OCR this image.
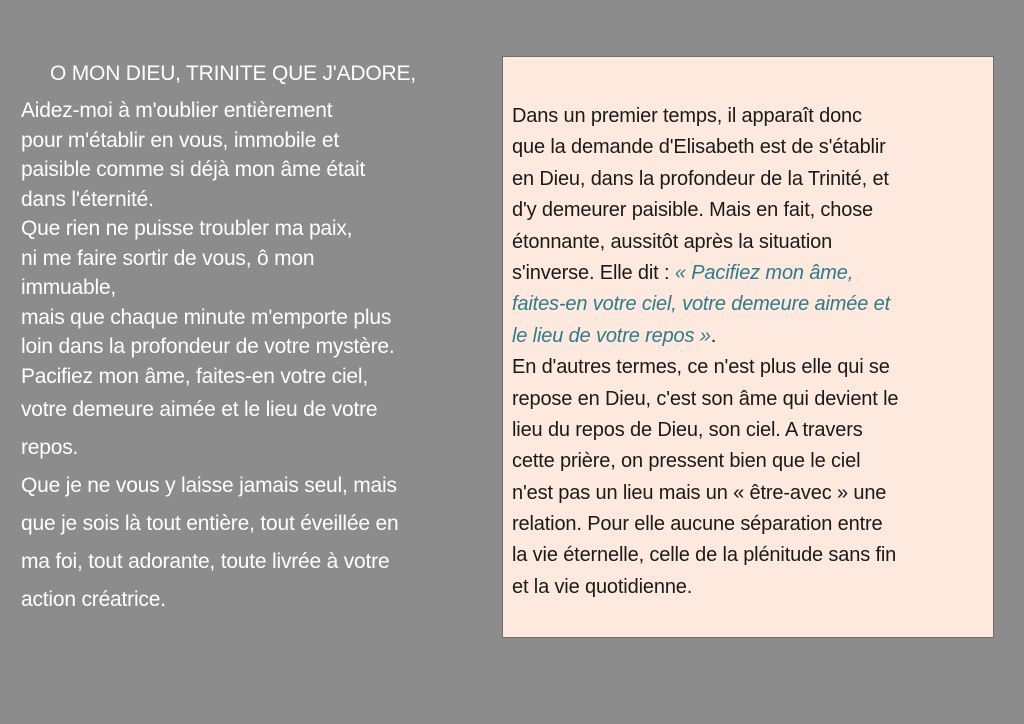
O MON DIEU, TRINITE QUE J'ADORE,
Aidez-moi à m'oublier entièrement
pour m'établir en vous, immobile et
paisible comme si déjà mon âme était
dans l'éternité.
Que rien ne puisse troubler ma paix,
ni me faire sortir de vous, ô mon
immuable,
mais que chaque minute m'emporte plus
loin dans la profondeur de votre mystère.
Pacifiez mon âme, faites-en votre ciel,
votre demeure aimée et le lieu de votre
repos.
Que je ne vous y laisse jamais seul, mais
que je sois là tout entière, tout éveillée en
ma foi, tout adorante, toute livrée à votre
action créatrice.
Dans un premier temps, il apparaît donc
que la demande d'Elisabeth est de s'établir
en Dieu, dans la profondeur de la Trinité, et
d'y demeurer paisible. Mais en fait, chose
étonnante, aussitôt après la situation
s'inverse. Elle dit : « Pacifiez mon âme,
faites-en votre ciel, votre demeure aimée et
le lieu de votre repos ».
En d'autres termes, ce n'est plus elle qui se
repose en Dieu, c'est son âme qui devient le
lieu du repos de Dieu, son ciel. A travers
cette prière, on pressent bien que le ciel
n'est pas un lieu mais un « être-avec » une
relation. Pour elle aucune séparation entre
la vie éternelle, celle de la plénitude sans fin
et la vie quotidienne.
